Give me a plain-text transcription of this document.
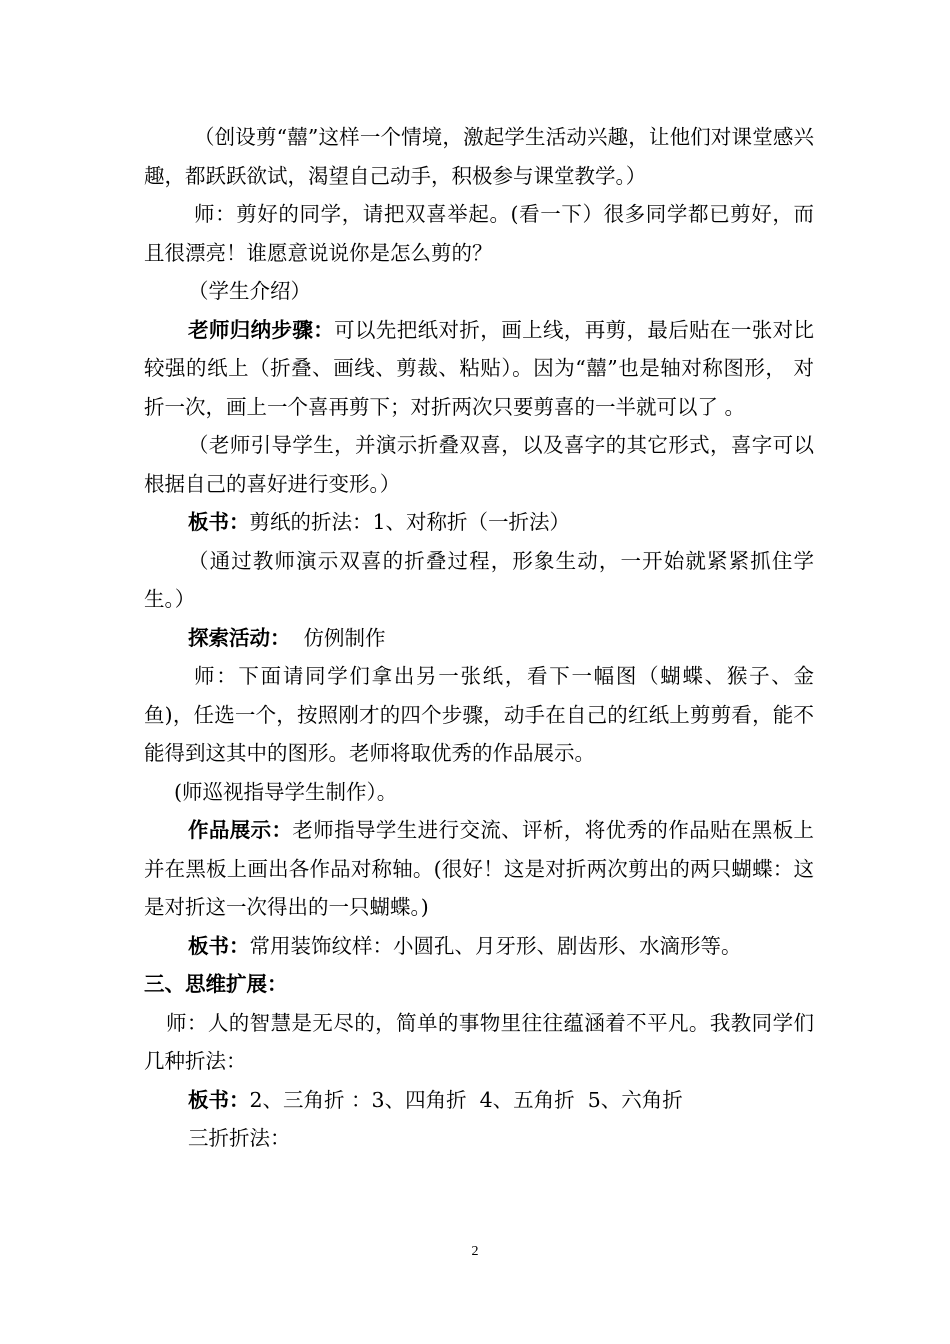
（创设剪“囍”这样一个情境，激起学生活动兴趣，让他们对课堂感兴趣，都跃跃欲试，渴望自己动手，积极参与课堂教学。）

师：剪好的同学，请把双喜举起。(看一下）很多同学都已剪好，而且很漂亮！谁愿意说说你是怎么剪的？

（学生介绍）

老师归纳步骤：可以先把纸对折，画上线，再剪，最后贴在一张对比较强的纸上（折叠、画线、剪裁、粘贴）。因为“囍”也是轴对称图形， 对折一次，画上一个喜再剪下；对折两次只要剪喜的一半就可以了 。

（老师引导学生，并演示折叠双喜，以及喜字的其它形式，喜字可以根据自己的喜好进行变形。）

板书：剪纸的折法：1、对称折（一折法）

（通过教师演示双喜的折叠过程，形象生动，一开始就紧紧抓住学生。）

探索活动：  仿例制作

师：下面请同学们拿出另一张纸，看下一幅图（蝴蝶、猴子、金鱼)，任选一个，按照刚才的四个步骤，动手在自己的红纸上剪剪看，能不能得到这其中的图形。老师将取优秀的作品展示。

(师巡视指导学生制作）。

作品展示：老师指导学生进行交流、评析，将优秀的作品贴在黑板上并在黑板上画出各作品对称轴。(很好！这是对折两次剪出的两只蝴蝶：这是对折这一次得出的一只蝴蝶。)

板书：常用装饰纹样：小圆孔、月牙形、剧齿形、水滴形等。

三、思维扩展：

师：人的智慧是无尽的，简单的事物里往往蕴涵着不平凡。我教同学们几种折法：

板书：2、三角折 ：3、四角折  4、五角折  5、六角折

三折折法：

2
